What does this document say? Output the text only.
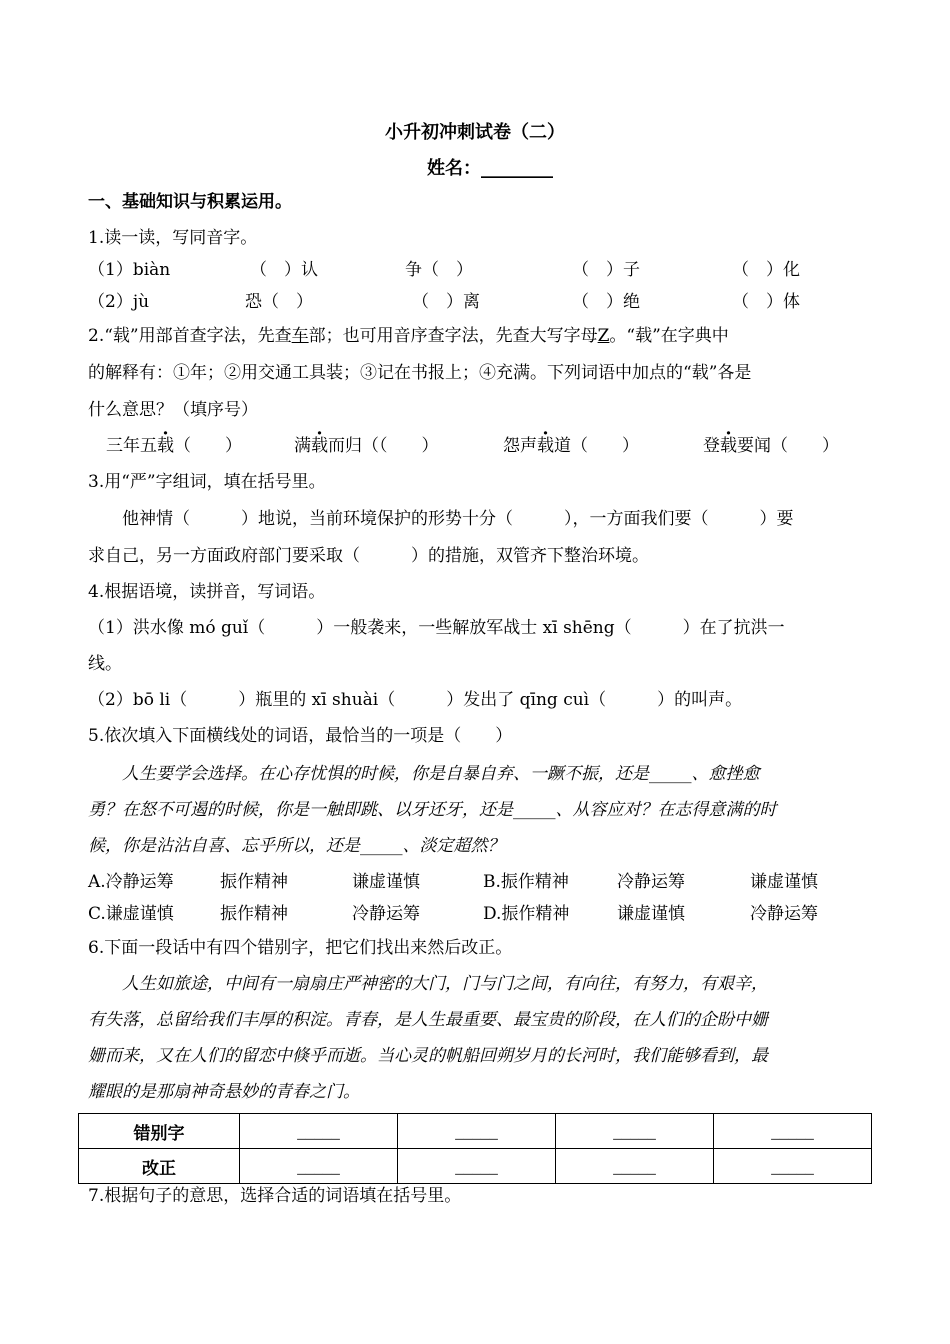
小升初冲刺试卷（二）
姓名：________
一、基础知识与积累运用。
1.读一读，写同音字。
（1）biàn	（　）认	争（　）	（　）子	（　）化
（2）jù	恐（　）	（　）离	（　）绝	（　）体
2.“载”用部首查字法，先查车部；也可用音序查字法，先查大写字母Z。“载”在字典中
的解释有：①年；②用交通工具装；③记在书报上；④充满。下列词语中加点的“载”各是
什么意思？（填序号）
三年五载（　　）	满载而归（（　　）	怨声载道（　　）	登载要闻（　　）
3.用“严”字组词，填在括号里。
他神情（　　　）地说，当前环境保护的形势十分（　　　），一方面我们要（　　　）要
求自己，另一方面政府部门要采取（　　　）的措施，双管齐下整治环境。
4.根据语境，读拼音，写词语。
（1）洪水像 mó guǐ（　　　）一般袭来，一些解放军战士 xī shēng（　　　）在了抗洪一
线。
（2）bō li（　　　）瓶里的 xī shuài（　　　）发出了 qīng cuì（　　　）的叫声。
5.依次填入下面横线处的词语，最恰当的一项是（　　）
人生要学会选择。在心存忧惧的时候，你是自暴自弃、一蹶不振，还是_____、愈挫愈
勇？在怒不可遏的时候，你是一触即跳、以牙还牙，还是_____、从容应对？在志得意满的时
候，你是沾沾自喜、忘乎所以，还是_____、淡定超然？
A.冷静运筹	振作精神	谦虚谨慎	B.振作精神	冷静运筹	谦虚谨慎
C.谦虚谨慎	振作精神	冷静运筹	D.振作精神	谦虚谨慎	冷静运筹
6.下面一段话中有四个错别字，把它们找出来然后改正。
人生如旅途，中间有一扇扇庄严神密的大门，门与门之间，有向往，有努力，有艰辛，
有失落，总留给我们丰厚的积淀。青春，是人生最重要、最宝贵的阶段，在人们的企盼中姗
姗而来，又在人们的留恋中倏乎而逝。当心灵的帆船回朔岁月的长河时，我们能够看到，最
耀眼的是那扇神奇悬妙的青春之门。
错别字	_____	_____	_____	_____
改正	_____	_____	_____	_____
7.根据句子的意思，选择合适的词语填在括号里。
